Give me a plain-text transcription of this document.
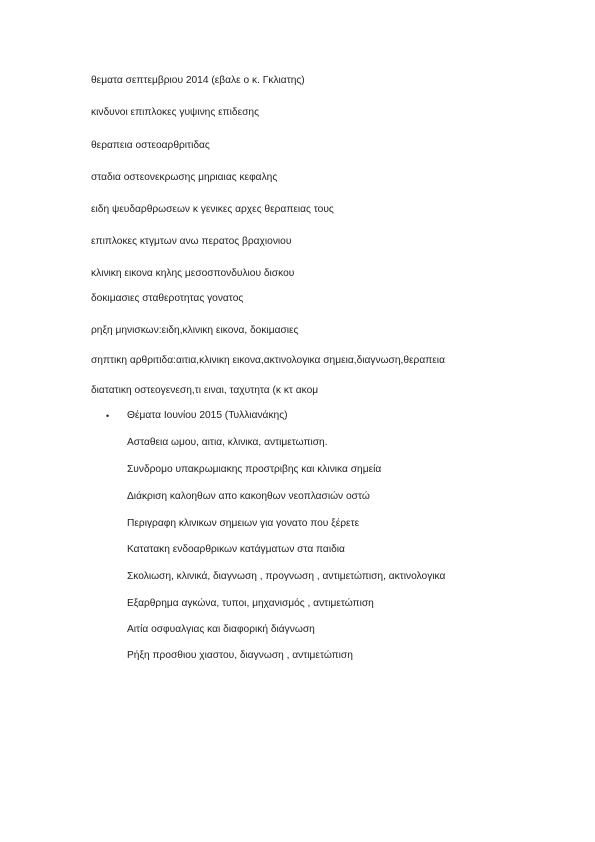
θεματα σεπτεμβριου 2014 (εβαλε ο κ. Γκλιατης)
κινδυνοι επιπλοκες γυψινης επιδεσης
θεραπεια οστεοαρθριτιδας
σταδια οστεονεκρωσης μηριαιας κεφαλης
ειδη ψευδαρθρωσεων κ γενικες αρχες θεραπειας τους
επιπλοκες κτγμτων ανω περατος βραχιονιου
κλινικη εικονα κηλης μεσοσπονδυλιου δισκου
δοκιμασιες σταθεροτητας γονατος
ρηξη μηνισκων:ειδη,κλινικη εικονα, δοκιμασιες
σηπτικη αρθριτιδα:αιτια,κλινικη εικονα,ακτινολογικα σημεια,διαγνωση,θεραπεια
διατατικη οστεογενεση,τι ειναι, ταχυτητα (κ κτ ακομ
• Θέματα Ιουνίου 2015 (Τυλλιανάκης)
Ασταθεια ωμου, αιτια, κλινικα, αντιμετωπιση.
Συνδρομο υπακρωμιακης προστριβης και κλινικα σημεία
Διάκριση καλοηθων απο κακοηθων νεοπλασιών οστώ
Περιγραφη κλινικων σημειων για γονατο που ξέρετε
Κατατακη ενδοαρθρικων κατάγματων στα παιδια
Σκολιωση, κλινικά, διαγνωση , προγνωση , αντιμετώπιση, ακτινολογικα
Εξαρθρημα αγκώνα, τυποι, μηχανισμός , αντιμετώπιση
Αιτία οσφυαλγιας και διαφορική διάγνωση
Ρήξη προσθιου χιαστου, διαγνωση , αντιμετώπιση
